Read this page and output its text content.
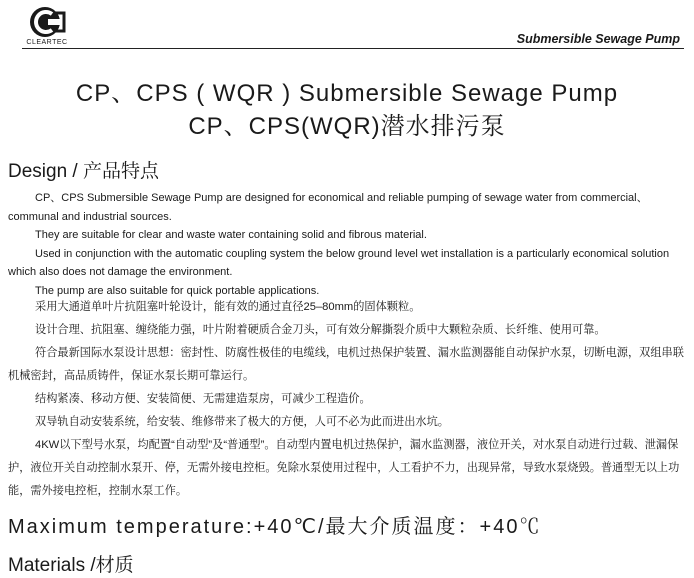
CLEARTEC	Submersible Sewage Pump
CP、CPS ( WQR ) Submersible Sewage Pump
CP、CPS(WQR)潜水排污泵
Design / 产品特点

CP、CPS Submersible Sewage Pump are designed for economical and reliable pumping of sewage water from commercial、communal and industrial sources.

They are suitable for clear and waste water containing solid and fibrous material.

Used in conjunction with the automatic coupling system the below ground level wet installation is a particularly economical solution which also does not damage the environment.

The pump are also suitable for quick portable applications.

采用大通道单叶片抗阻塞叶轮设计，能有效的通过直径25–80mm的固体颗粒。

设计合理、抗阻塞、缠绕能力强，叶片附着硬质合金刀头，可有效分解撕裂介质中大颗粒杂质、长纤维、使用可靠。

符合最新国际水泵设计思想：密封性、防腐性极佳的电缆线，电机过热保护装置、漏水监测器能自动保护水泵，切断电源，双组串联机械密封，高品质铸件，保证水泵长期可靠运行。

结构紧凑、移动方便、安装简便、无需建造泵房，可减少工程造价。

双导轨自动安装系统，给安装、维修带来了极大的方便，人可不必为此而进出水坑。

4KW以下型号水泵，均配置“自动型”及“普通型”。自动型内置电机过热保护，漏水监测器，液位开关，对水泵自动进行过载、泄漏保护，液位开关自动控制水泵开、停，无需外接电控柜。免除水泵使用过程中，人工看护不力，出现异常，导致水泵烧毁。普通型无以上功能，需外接电控柜，控制水泵工作。

Maximum temperature:+40℃/最大介质温度：+40℃
Materials /材质
